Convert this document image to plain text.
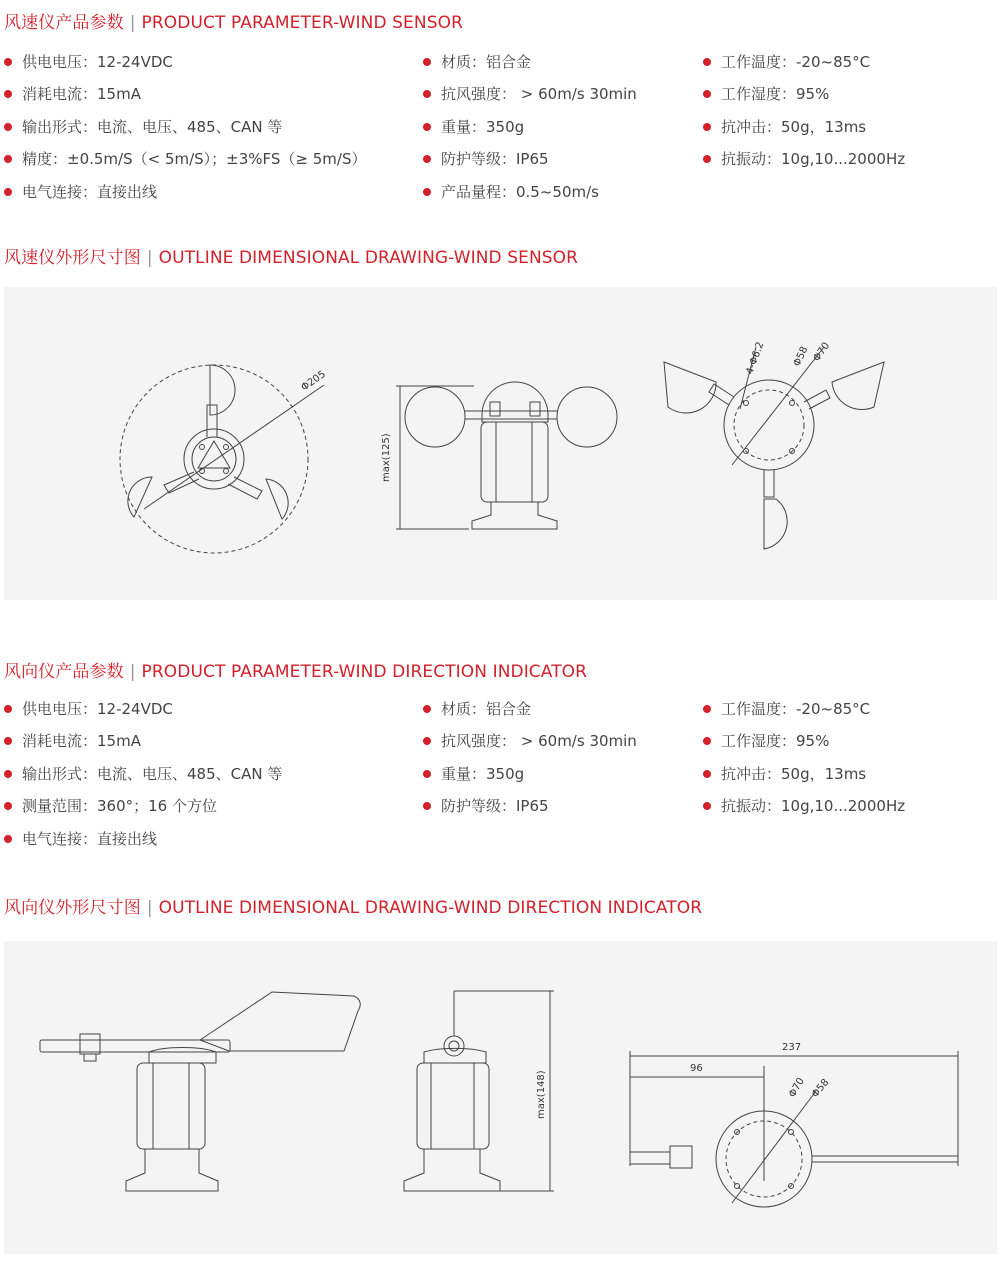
风速仪产品参数 | PRODUCT PARAMETER-WIND SENSOR
供电电压：12-24VDC
消耗电流：15mA
输出形式：电流、电压、485、CAN 等
精度：±0.5m/S（< 5m/S）；±3%FS（≥ 5m/S）
电气连接：直接出线
材质：铝合金
抗风强度： > 60m/s 30min
重量：350g
防护等级：IP65
产品量程：0.5~50m/s
工作温度：-20~85°C
工作湿度：95%
抗冲击：50g，13ms
抗振动：10g,10...2000Hz
风速仪外形尺寸图 | OUTLINE DIMENSIONAL DRAWING-WIND SENSOR
Φ205
max(125)
4-Φ6.2	Φ58 Φ70
风向仪产品参数 | PRODUCT PARAMETER-WIND DIRECTION INDICATOR
供电电压：12-24VDC
消耗电流：15mA
输出形式：电流、电压、485、CAN 等
测量范围：360°；16 个方位
电气连接：直接出线
材质：铝合金
抗风强度： > 60m/s 30min
重量：350g
防护等级：IP65
工作温度：-20~85°C
工作湿度：95%
抗冲击：50g，13ms
抗振动：10g,10...2000Hz
风向仪外形尺寸图 | OUTLINE DIMENSIONAL DRAWING-WIND DIRECTION INDICATOR
max(148)
237
96
Φ70 Φ58
